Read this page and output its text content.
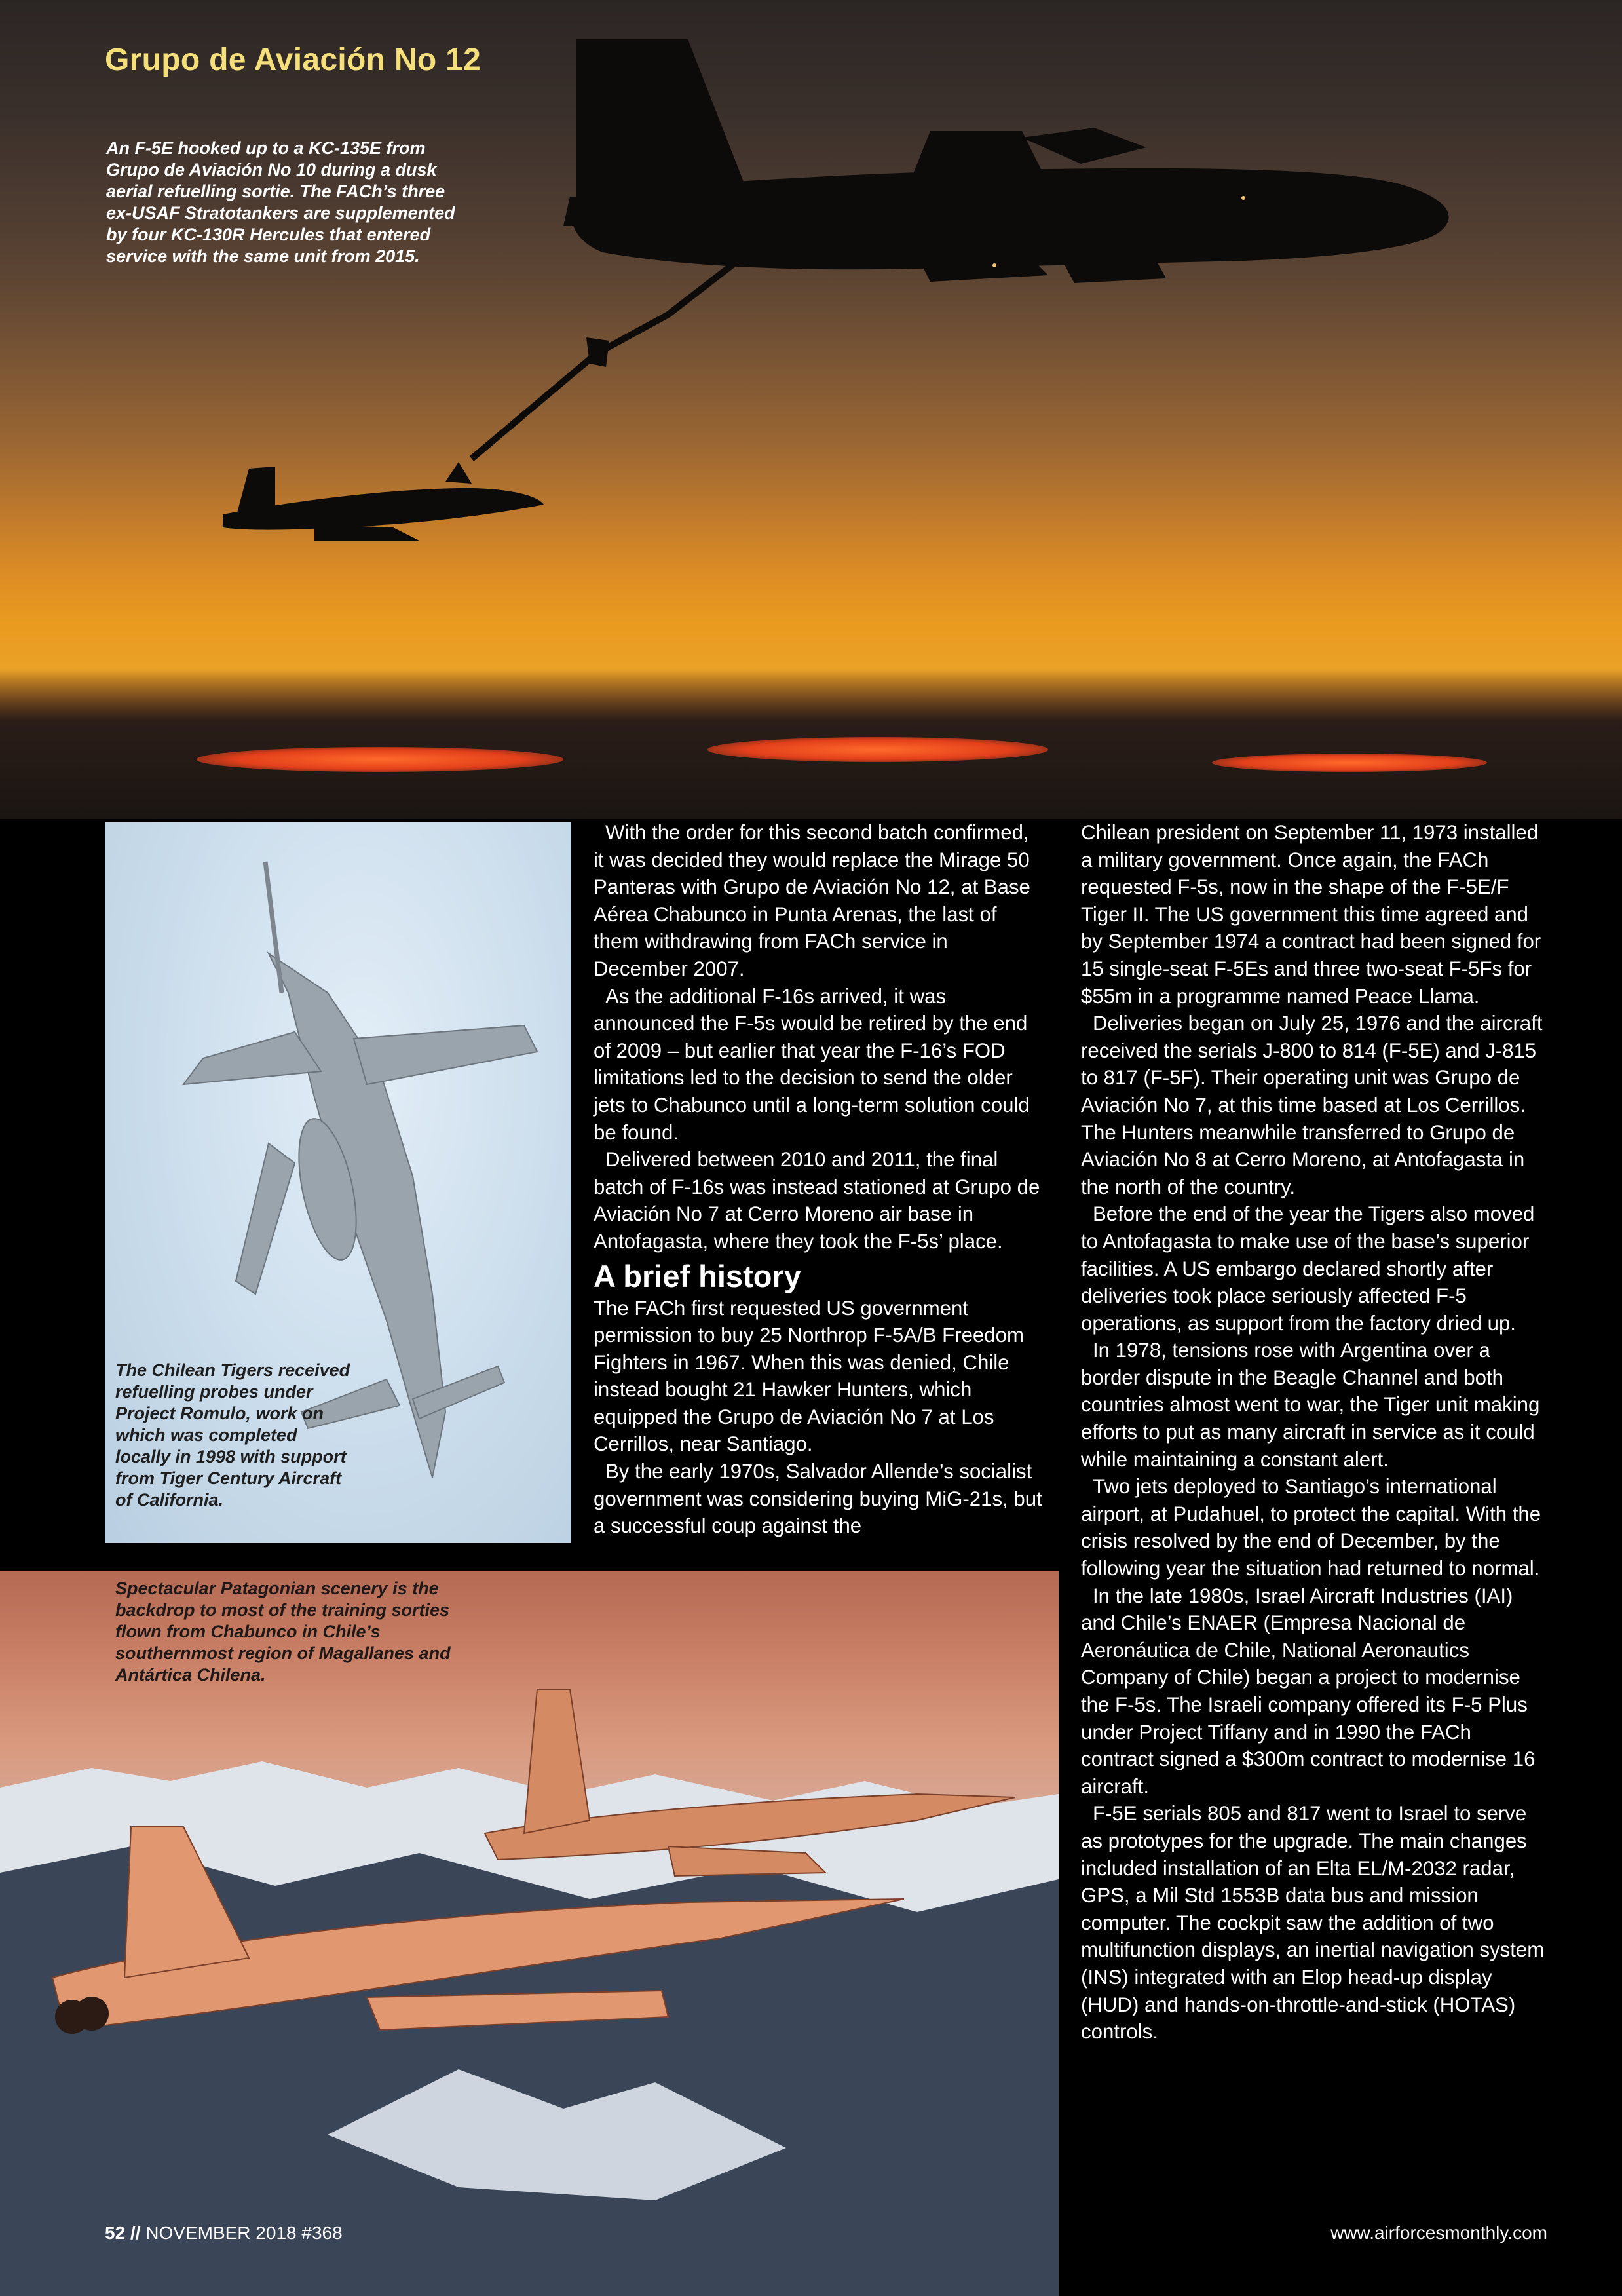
Grupo de Aviación No 12

An F-5E hooked up to a KC-135E from Grupo de Aviación No 10 during a dusk aerial refuelling sortie. The FACh’s three ex-USAF Stratotankers are supplemented by four KC-130R Hercules that entered service with the same unit from 2015.

The Chilean Tigers received refuelling probes under Project Romulo, work on which was completed locally in 1998 with support from Tiger Century Aircraft of California.

Spectacular Patagonian scenery is the backdrop to most of the training sorties flown from Chabunco in Chile’s southernmost region of Magallanes and Antártica Chilena.

With the order for this second batch confirmed, it was decided they would replace the Mirage 50 Panteras with Grupo de Aviación No 12, at Base Aérea Chabunco in Punta Arenas, the last of them withdrawing from FACh service in December 2007.

As the additional F-16s arrived, it was announced the F-5s would be retired by the end of 2009 – but earlier that year the F-16’s FOD limitations led to the decision to send the older jets to Chabunco until a long-term solution could be found.

Delivered between 2010 and 2011, the final batch of F-16s was instead stationed at Grupo de Aviación No 7 at Cerro Moreno air base in Antofagasta, where they took the F-5s’ place.

A brief history

The FACh first requested US government permission to buy 25 Northrop F-5A/B Freedom Fighters in 1967. When this was denied, Chile instead bought 21 Hawker Hunters, which equipped the Grupo de Aviación No 7 at Los Cerrillos, near Santiago.

By the early 1970s, Salvador Allende’s socialist government was considering buying MiG-21s, but a successful coup against the

Chilean president on September 11, 1973 installed a military government. Once again, the FACh requested F-5s, now in the shape of the F-5E/F Tiger II. The US government this time agreed and by September 1974 a contract had been signed for 15 single-seat F-5Es and three two-seat F-5Fs for $55m in a programme named Peace Llama.

Deliveries began on July 25, 1976 and the aircraft received the serials J-800 to 814 (F-5E) and J-815 to 817 (F-5F). Their operating unit was Grupo de Aviación No 7, at this time based at Los Cerrillos. The Hunters meanwhile transferred to Grupo de Aviación No 8 at Cerro Moreno, at Antofagasta in the north of the country.

Before the end of the year the Tigers also moved to Antofagasta to make use of the base’s superior facilities. A US embargo declared shortly after deliveries took place seriously affected F-5 operations, as support from the factory dried up.

In 1978, tensions rose with Argentina over a border dispute in the Beagle Channel and both countries almost went to war, the Tiger unit making efforts to put as many aircraft in service as it could while maintaining a constant alert.

Two jets deployed to Santiago’s international airport, at Pudahuel, to protect the capital. With the crisis resolved by the end of December, by the following year the situation had returned to normal.

In the late 1980s, Israel Aircraft Industries (IAI) and Chile’s ENAER (Empresa Nacional de Aeronáutica de Chile, National Aeronautics Company of Chile) began a project to modernise the F-5s. The Israeli company offered its F-5 Plus under Project Tiffany and in 1990 the FACh contract signed a $300m contract to modernise 16 aircraft.

F-5E serials 805 and 817 went to Israel to serve as prototypes for the upgrade. The main changes included installation of an Elta EL/M-2032 radar, GPS, a Mil Std 1553B data bus and mission computer. The cockpit saw the addition of two multifunction displays, an inertial navigation system (INS) integrated with an Elop head-up display (HUD) and hands-on-throttle-and-stick (HOTAS) controls.

52 // NOVEMBER 2018 #368	www.airforcesmonthly.com
